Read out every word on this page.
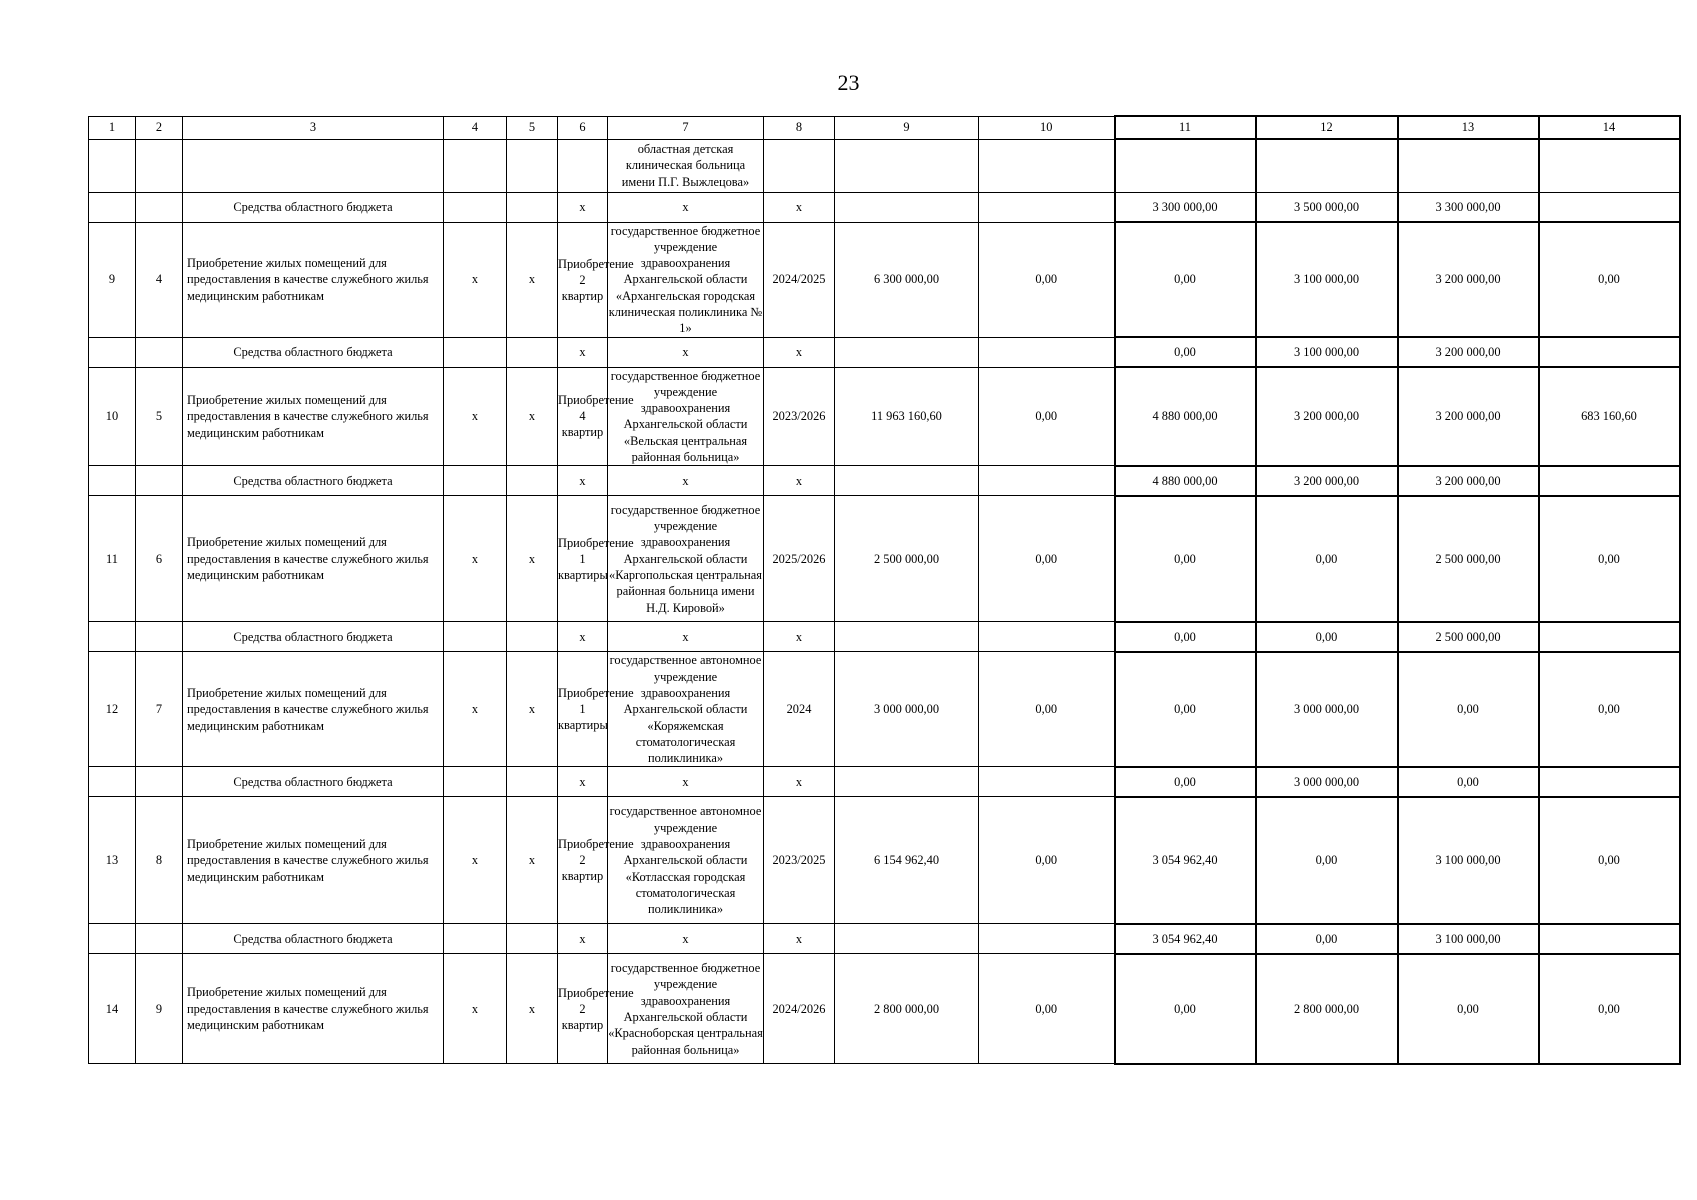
23
1	2	3	4	5	6	7	8	9	10	11	12	13	14
						областная детская клиническая больница имени П.Г. Выжлецова»							
		Средства областного бюджета			х	х	х			3 300 000,00	3 500 000,00	3 300 000,00	
9	4	Приобретение жилых помещений для предоставления в качестве служебного жилья медицинским работникам	х	х	Приобретение 2 квартир	государственное бюджетное учреждение здравоохранения Архангельской области «Архангельская городская клиническая поликлиника № 1»	2024/2025	6 300 000,00	0,00	0,00	3 100 000,00	3 200 000,00	0,00
		Средства областного бюджета			х	х	х			0,00	3 100 000,00	3 200 000,00	
10	5	Приобретение жилых помещений для предоставления в качестве служебного жилья медицинским работникам	х	х	Приобретение 4 квартир	государственное бюджетное учреждение здравоохранения Архангельской области «Вельская центральная районная больница»	2023/2026	11 963 160,60	0,00	4 880 000,00	3 200 000,00	3 200 000,00	683 160,60
		Средства областного бюджета			х	х	х			4 880 000,00	3 200 000,00	3 200 000,00	
11	6	Приобретение жилых помещений для предоставления в качестве служебного жилья медицинским работникам	х	х	Приобретение 1 квартиры	государственное бюджетное учреждение здравоохранения Архангельской области «Каргопольская центральная районная больница имени Н.Д. Кировой»	2025/2026	2 500 000,00	0,00	0,00	0,00	2 500 000,00	0,00
		Средства областного бюджета			х	х	х			0,00	0,00	2 500 000,00	
12	7	Приобретение жилых помещений для предоставления в качестве служебного жилья медицинским работникам	х	х	Приобретение 1 квартиры	государственное автономное учреждение здравоохранения Архангельской области «Коряжемская стоматологическая поликлиника»	2024	3 000 000,00	0,00	0,00	3 000 000,00	0,00	0,00
		Средства областного бюджета			х	х	х			0,00	3 000 000,00	0,00	
13	8	Приобретение жилых помещений для предоставления в качестве служебного жилья медицинским работникам	х	х	Приобретение 2 квартир	государственное автономное учреждение здравоохранения Архангельской области «Котласская городская стоматологическая поликлиника»	2023/2025	6 154 962,40	0,00	3 054 962,40	0,00	3 100 000,00	0,00
		Средства областного бюджета			х	х	х			3 054 962,40	0,00	3 100 000,00	
14	9	Приобретение жилых помещений для предоставления в качестве служебного жилья медицинским работникам	х	х	Приобретение 2 квартир	государственное бюджетное учреждение здравоохранения Архангельской области «Красноборская центральная районная больница»	2024/2026	2 800 000,00	0,00	0,00	2 800 000,00	0,00	0,00
